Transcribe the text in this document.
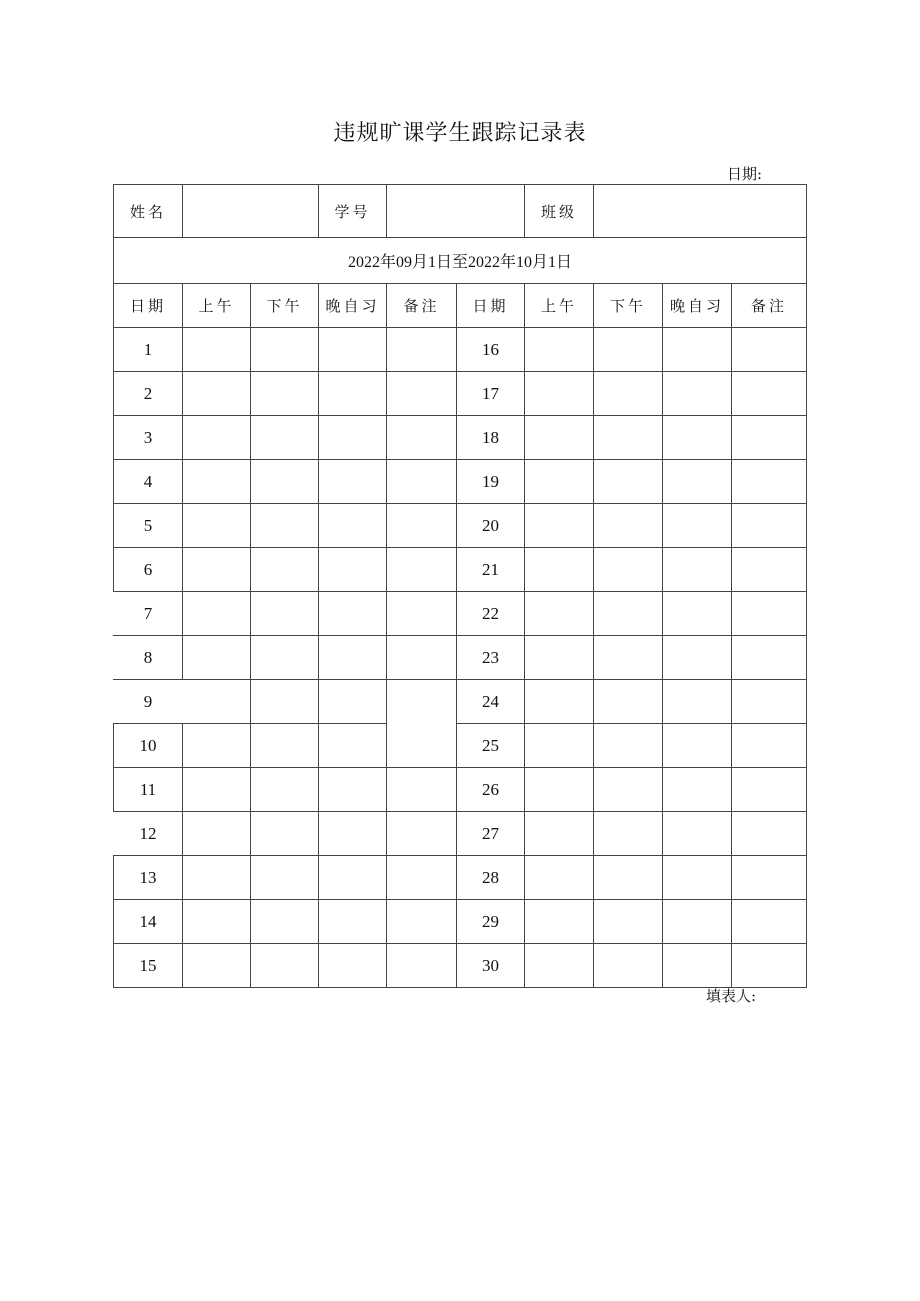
违规旷课学生跟踪记录表
日期:
姓名			学号			班级			
2022年09月1日至2022年10月1日									
日期	上午	下午	晚自习	备注	日期	上午	下午	晚自习	备注
1					16				
2					17				
3					18				
4					19				
5					20				
6					21				
7					22				
8					23				
9					24				
10					25				
11					26				
12					27				
13					28				
14					29				
15					30				
填表人:
